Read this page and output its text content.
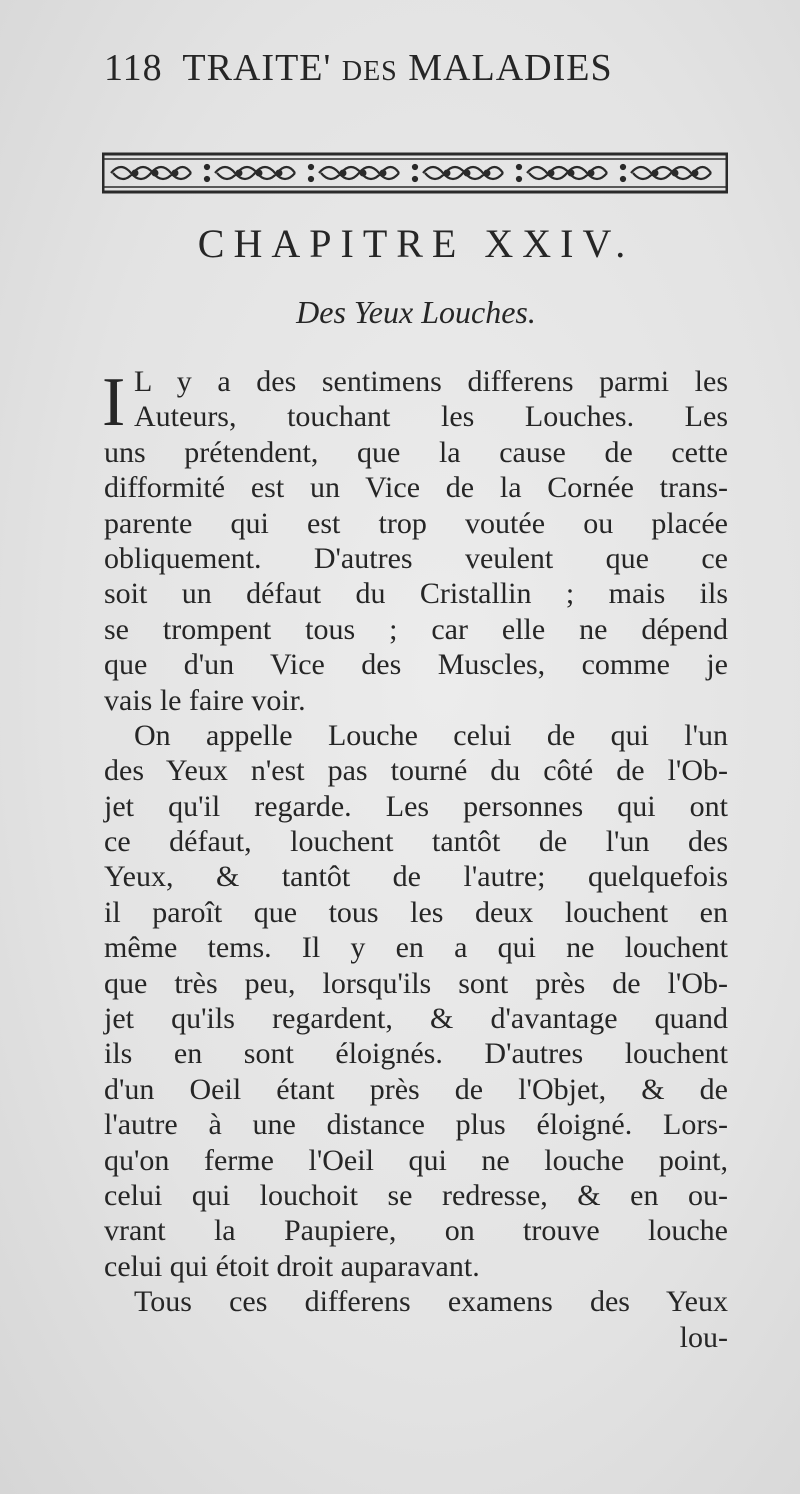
118 TRAITE' DES MALADIES
CHAPITRE XXIV.
Des Yeux Louches.
I L y a des sentimens differens parmi les
Auteurs, touchant les Louches. Les
uns prétendent, que la cause de cette
difformité est un Vice de la Cornée trans-
parente qui est trop voutée ou placée
obliquement. D'autres veulent que ce
soit un défaut du Cristallin ; mais ils
se trompent tous ; car elle ne dépend
que d'un Vice des Muscles, comme je
vais le faire voir.
On appelle Louche celui de qui l'un
des Yeux n'est pas tourné du côté de l'Ob-
jet qu'il regarde. Les personnes qui ont
ce défaut, louchent tantôt de l'un des
Yeux, & tantôt de l'autre; quelquefois
il paroît que tous les deux louchent en
même tems. Il y en a qui ne louchent
que très peu, lorsqu'ils sont près de l'Ob-
jet qu'ils regardent, & d'avantage quand
ils en sont éloignés. D'autres louchent
d'un Oeil étant près de l'Objet, & de
l'autre à une distance plus éloigné. Lors-
qu'on ferme l'Oeil qui ne louche point,
celui qui louchoit se redresse, & en ou-
vrant la Paupiere, on trouve louche
celui qui étoit droit auparavant.
Tous ces differens examens des Yeux
lou-
